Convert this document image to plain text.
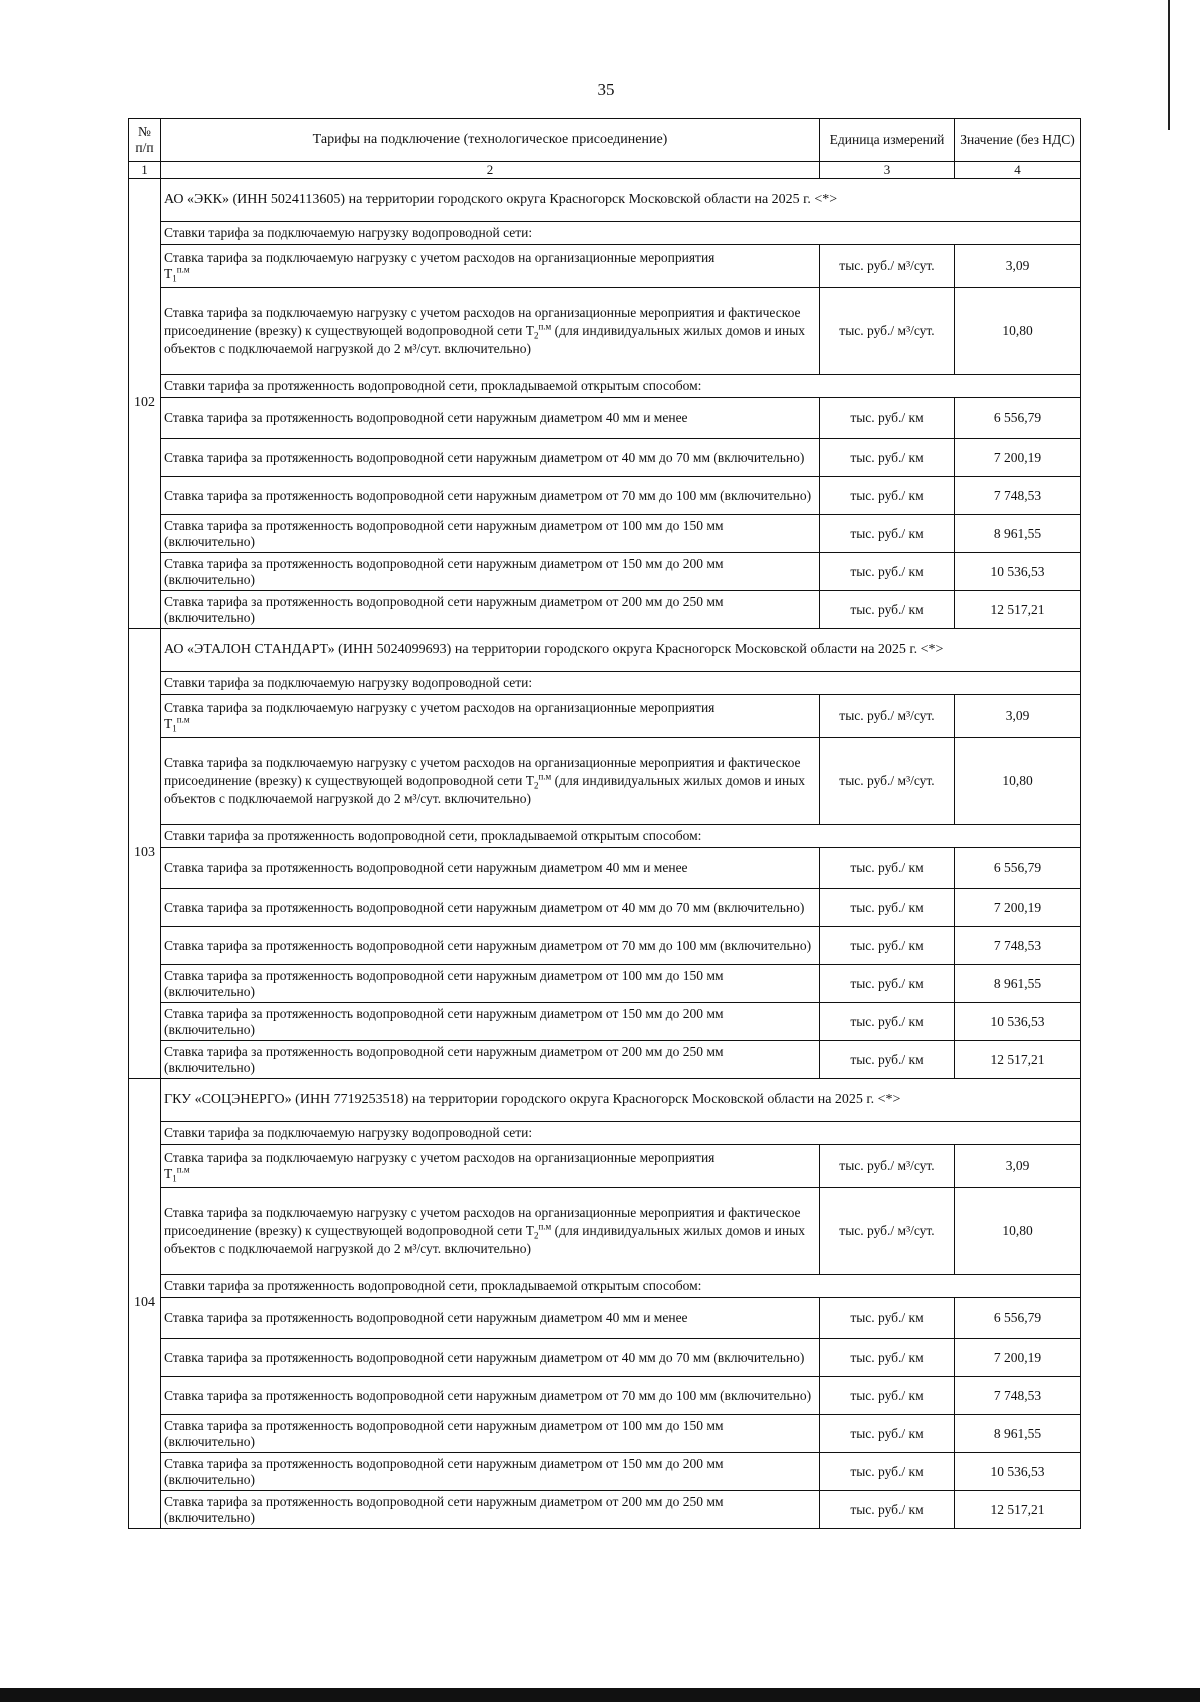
35
№ п/п	Тарифы на подключение (технологическое присоединение)	Единица измерений	Значение (без НДС)
1	2	3	4
102	АО «ЭКК» (ИНН 5024113605) на территории городского округа Красногорск Московской области на 2025 г. <*>		
	Ставки тарифа за подключаемую нагрузку водопроводной сети:		
	Ставка тарифа за подключаемую нагрузку с учетом расходов на организационные мероприятия
$Т_1^{п.м}$	тыс. руб./ м³/сут.	3,09
	Ставка тарифа за подключаемую нагрузку с учетом расходов на организационные мероприятия и фактическое присоединение (врезку) к существующей водопроводной сети $Т_2^{п.м}$ (для индивидуальных жилых домов и иных объектов с подключаемой нагрузкой до 2 м³/сут. включительно)	тыс. руб./ м³/сут.	10,80
	Ставки тарифа за протяженность водопроводной сети, прокладываемой открытым способом:		
	Ставка тарифа за протяженность водопроводной сети наружным диаметром 40 мм и менее	тыс. руб./ км	6 556,79
	Ставка тарифа за протяженность водопроводной сети наружным диаметром от 40 мм до 70 мм (включительно)	тыс. руб./ км	7 200,19
	Ставка тарифа за протяженность водопроводной сети наружным диаметром от 70 мм до 100 мм (включительно)	тыс. руб./ км	7 748,53
	Ставка тарифа за протяженность водопроводной сети наружным диаметром от 100 мм до 150 мм (включительно)	тыс. руб./ км	8 961,55
	Ставка тарифа за протяженность водопроводной сети наружным диаметром от 150 мм до 200 мм (включительно)	тыс. руб./ км	10 536,53
	Ставка тарифа за протяженность водопроводной сети наружным диаметром от 200 мм до 250 мм (включительно)	тыс. руб./ км	12 517,21
103	АО «ЭТАЛОН СТАНДАРТ» (ИНН 5024099693) на территории городского округа Красногорск Московской области на 2025 г. <*>		
	Ставки тарифа за подключаемую нагрузку водопроводной сети:		
	Ставка тарифа за подключаемую нагрузку с учетом расходов на организационные мероприятия
$Т_1^{п.м}$	тыс. руб./ м³/сут.	3,09
	Ставка тарифа за подключаемую нагрузку с учетом расходов на организационные мероприятия и фактическое присоединение (врезку) к существующей водопроводной сети $Т_2^{п.м}$ (для индивидуальных жилых домов и иных объектов с подключаемой нагрузкой до 2 м³/сут. включительно)	тыс. руб./ м³/сут.	10,80
	Ставки тарифа за протяженность водопроводной сети, прокладываемой открытым способом:		
	Ставка тарифа за протяженность водопроводной сети наружным диаметром 40 мм и менее	тыс. руб./ км	6 556,79
	Ставка тарифа за протяженность водопроводной сети наружным диаметром от 40 мм до 70 мм (включительно)	тыс. руб./ км	7 200,19
	Ставка тарифа за протяженность водопроводной сети наружным диаметром от 70 мм до 100 мм (включительно)	тыс. руб./ км	7 748,53
	Ставка тарифа за протяженность водопроводной сети наружным диаметром от 100 мм до 150 мм (включительно)	тыс. руб./ км	8 961,55
	Ставка тарифа за протяженность водопроводной сети наружным диаметром от 150 мм до 200 мм (включительно)	тыс. руб./ км	10 536,53
	Ставка тарифа за протяженность водопроводной сети наружным диаметром от 200 мм до 250 мм (включительно)	тыс. руб./ км	12 517,21
104	ГКУ «СОЦЭНЕРГО» (ИНН 7719253518) на территории городского округа Красногорск Московской области на 2025 г. <*>		
	Ставки тарифа за подключаемую нагрузку водопроводной сети:		
	Ставка тарифа за подключаемую нагрузку с учетом расходов на организационные мероприятия
$Т_1^{п.м}$	тыс. руб./ м³/сут.	3,09
	Ставка тарифа за подключаемую нагрузку с учетом расходов на организационные мероприятия и фактическое присоединение (врезку) к существующей водопроводной сети $Т_2^{п.м}$ (для индивидуальных жилых домов и иных объектов с подключаемой нагрузкой до 2 м³/сут. включительно)	тыс. руб./ м³/сут.	10,80
	Ставки тарифа за протяженность водопроводной сети, прокладываемой открытым способом:		
	Ставка тарифа за протяженность водопроводной сети наружным диаметром 40 мм и менее	тыс. руб./ км	6 556,79
	Ставка тарифа за протяженность водопроводной сети наружным диаметром от 40 мм до 70 мм (включительно)	тыс. руб./ км	7 200,19
	Ставка тарифа за протяженность водопроводной сети наружным диаметром от 70 мм до 100 мм (включительно)	тыс. руб./ км	7 748,53
	Ставка тарифа за протяженность водопроводной сети наружным диаметром от 100 мм до 150 мм (включительно)	тыс. руб./ км	8 961,55
	Ставка тарифа за протяженность водопроводной сети наружным диаметром от 150 мм до 200 мм (включительно)	тыс. руб./ км	10 536,53
	Ставка тарифа за протяженность водопроводной сети наружным диаметром от 200 мм до 250 мм (включительно)	тыс. руб./ км	12 517,21
